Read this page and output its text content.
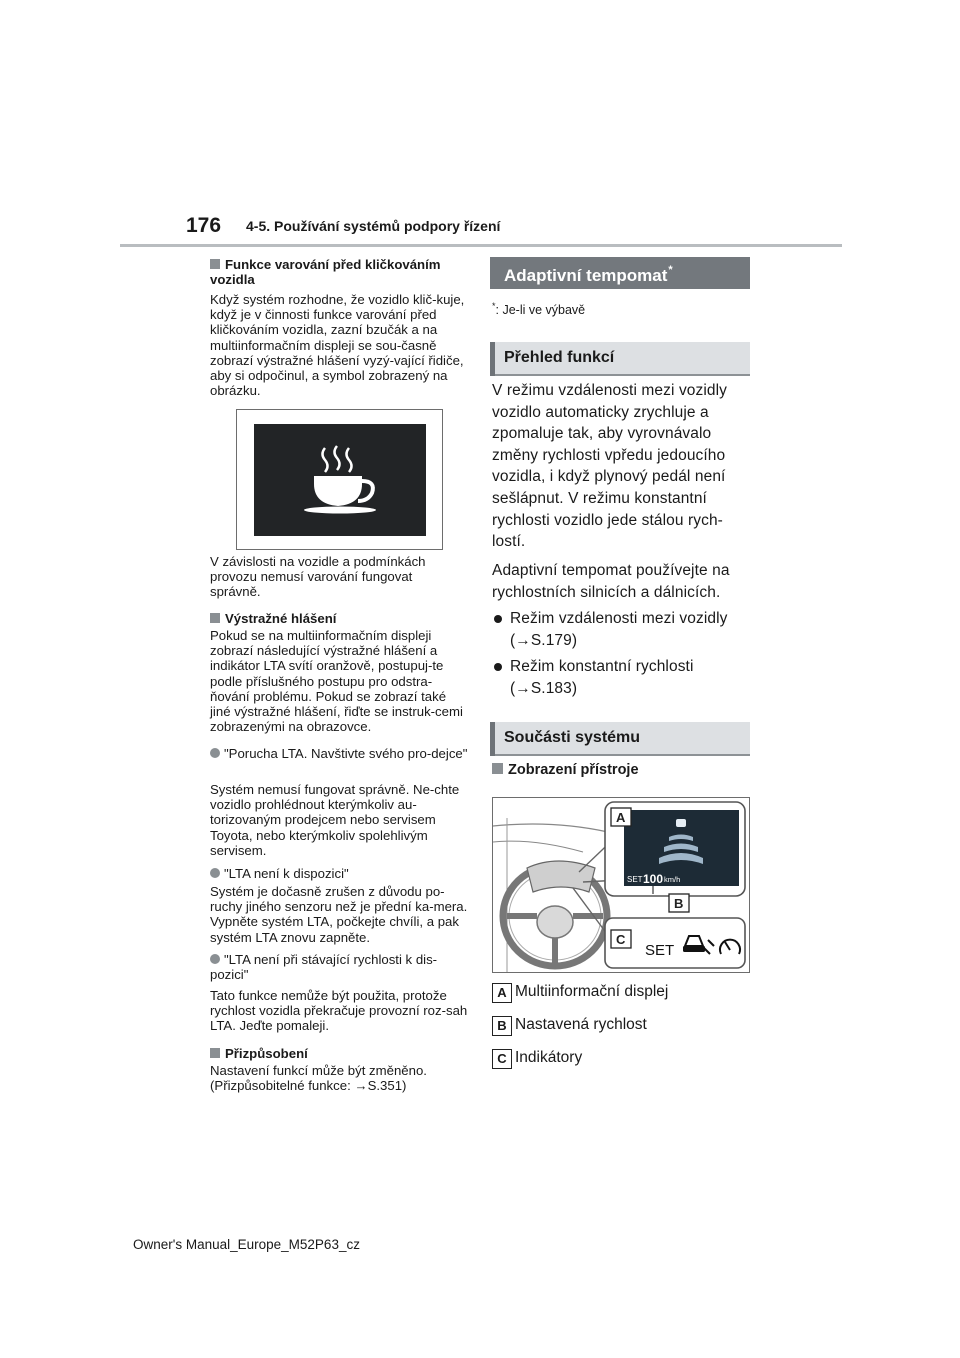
176 4-5. Používání systémů podpory řízení
Funkce varování před kličkováním vozidla
Když systém rozhodne, že vozidlo klič-kuje, když je v činnosti funkce varování před kličkováním vozidla, zazní bzučák a na multiinformačním displeji se sou-časně zobrazí výstražné hlášení vyzý-vající řidiče, aby si odpočinul, a symbol zobrazený na obrázku.
V závislosti na vozidle a podmínkách provozu nemusí varování fungovat správně.
Výstražné hlášení
Pokud se na multiinformačním displeji zobrazí následující výstražné hlášení a indikátor LTA svítí oranžově, postupuj-te podle příslušného postupu pro odstra-ňování problému. Pokud se zobrazí také jiné výstražné hlášení, řiďte se instruk-cemi zobrazenými na obrazovce.
"Porucha LTA. Navštivte svého pro-dejce"
Systém nemusí fungovat správně. Ne-chte vozidlo prohlédnout kterýmkoliv au-torizovaným prodejcem nebo servisem Toyota, nebo kterýmkoliv spolehlivým servisem.
"LTA není k dispozici"
Systém je dočasně zrušen z důvodu po-ruchy jiného senzoru než je přední ka-mera. Vypněte systém LTA, počkejte chvíli, a pak systém LTA znovu zapněte.
"LTA není při stávající rychlosti k dis-pozici"
Tato funkce nemůže být použita, protože rychlost vozidla překračuje provozní roz-sah LTA. Jeďte pomaleji.
Přizpůsobení
Nastavení funkcí může být změněno.
(Přizpůsobitelné funkce: →S.351)
Adaptivní tempomat*
*: Je-li ve výbavě
Přehled funkcí
V režimu vzdálenosti mezi vozidly vozidlo automaticky zrychluje a zpomaluje tak, aby vyrovnávalo změny rychlosti vpředu jedoucího vozidla, i když plynový pedál není sešlápnut. V režimu konstantní rychlosti vozidlo jede stálou rych-lostí.
Adaptivní tempomat používejte na rychlostních silnicích a dálnicích.
Režim vzdálenosti mezi vozidly
(→S.179)
Režim konstantní rychlosti
(→S.183)
Součásti systému
Zobrazení přístroje
SET 100 km/h
A
B
C
SET
A Multiinformační displej
B Nastavená rychlost
C Indikátory
Owner's Manual_Europe_M52P63_cz
